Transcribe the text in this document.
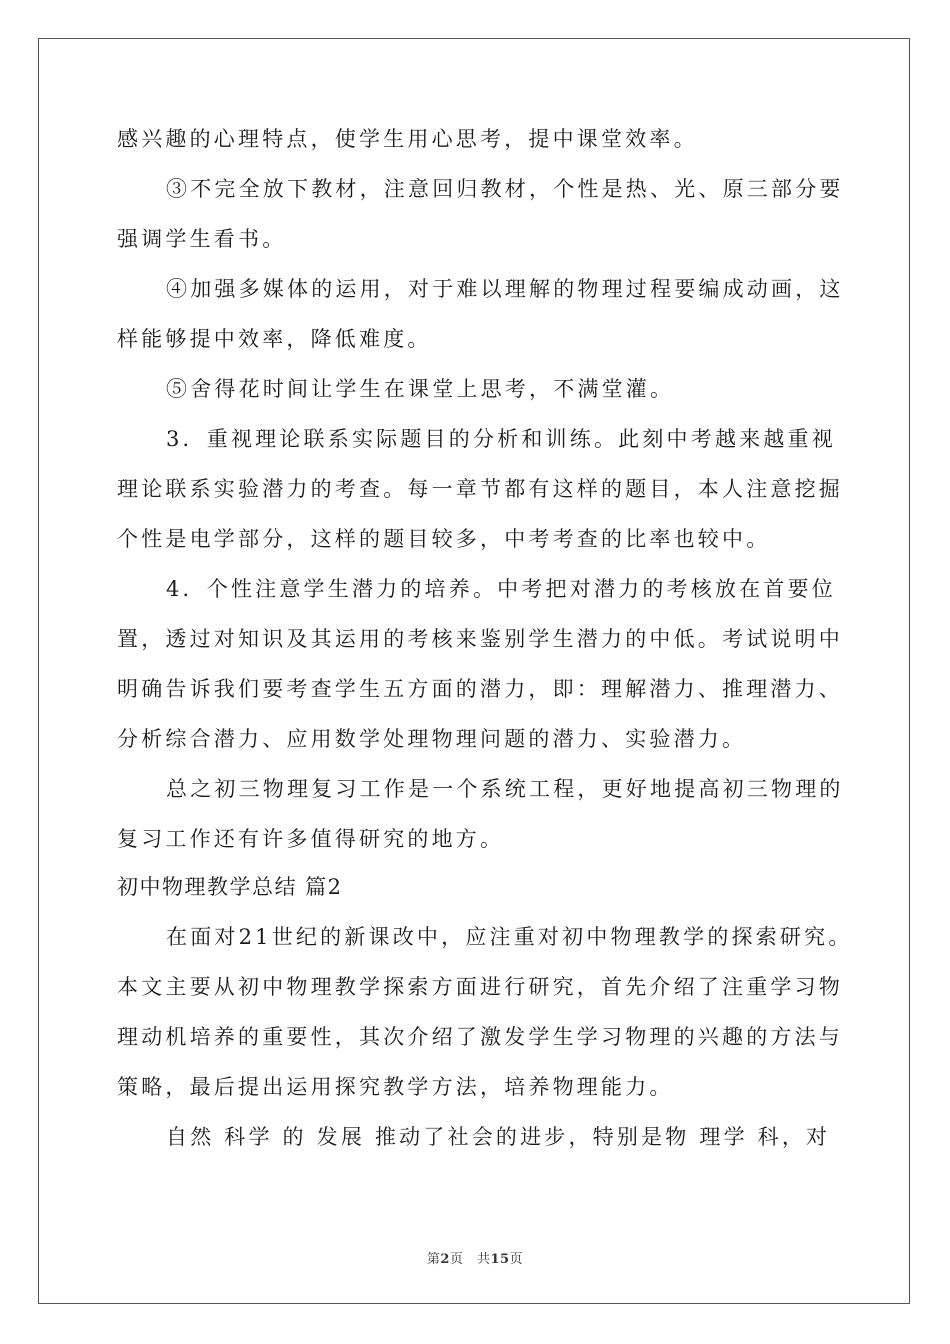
感兴趣的心理特点，使学生用心思考，提中课堂效率。
③不完全放下教材，注意回归教材，个性是热、光、原三部分要
强调学生看书。
④加强多媒体的运用，对于难以理解的物理过程要编成动画，这
样能够提中效率，降低难度。
⑤舍得花时间让学生在课堂上思考，不满堂灌。
3．重视理论联系实际题目的分析和训练。此刻中考越来越重视
理论联系实验潜力的考查。每一章节都有这样的题目，本人注意挖掘
个性是电学部分，这样的题目较多，中考考查的比率也较中。
4．个性注意学生潜力的培养。中考把对潜力的考核放在首要位
置，透过对知识及其运用的考核来鉴别学生潜力的中低。考试说明中
明确告诉我们要考查学生五方面的潜力，即：理解潜力、推理潜力、
分析综合潜力、应用数学处理物理问题的潜力、实验潜力。
总之初三物理复习工作是一个系统工程，更好地提高初三物理的
复习工作还有许多值得研究的地方。
初中物理教学总结 篇2
在面对21世纪的新课改中，应注重对初中物理教学的探索研究。
本文主要从初中物理教学探索方面进行研究，首先介绍了注重学习物
理动机培养的重要性，其次介绍了激发学生学习物理的兴趣的方法与
策略，最后提出运用探究教学方法，培养物理能力。
自然 科学 的 发展 推动了社会的进步，特别是物 理学 科，对
第2页　共15页
